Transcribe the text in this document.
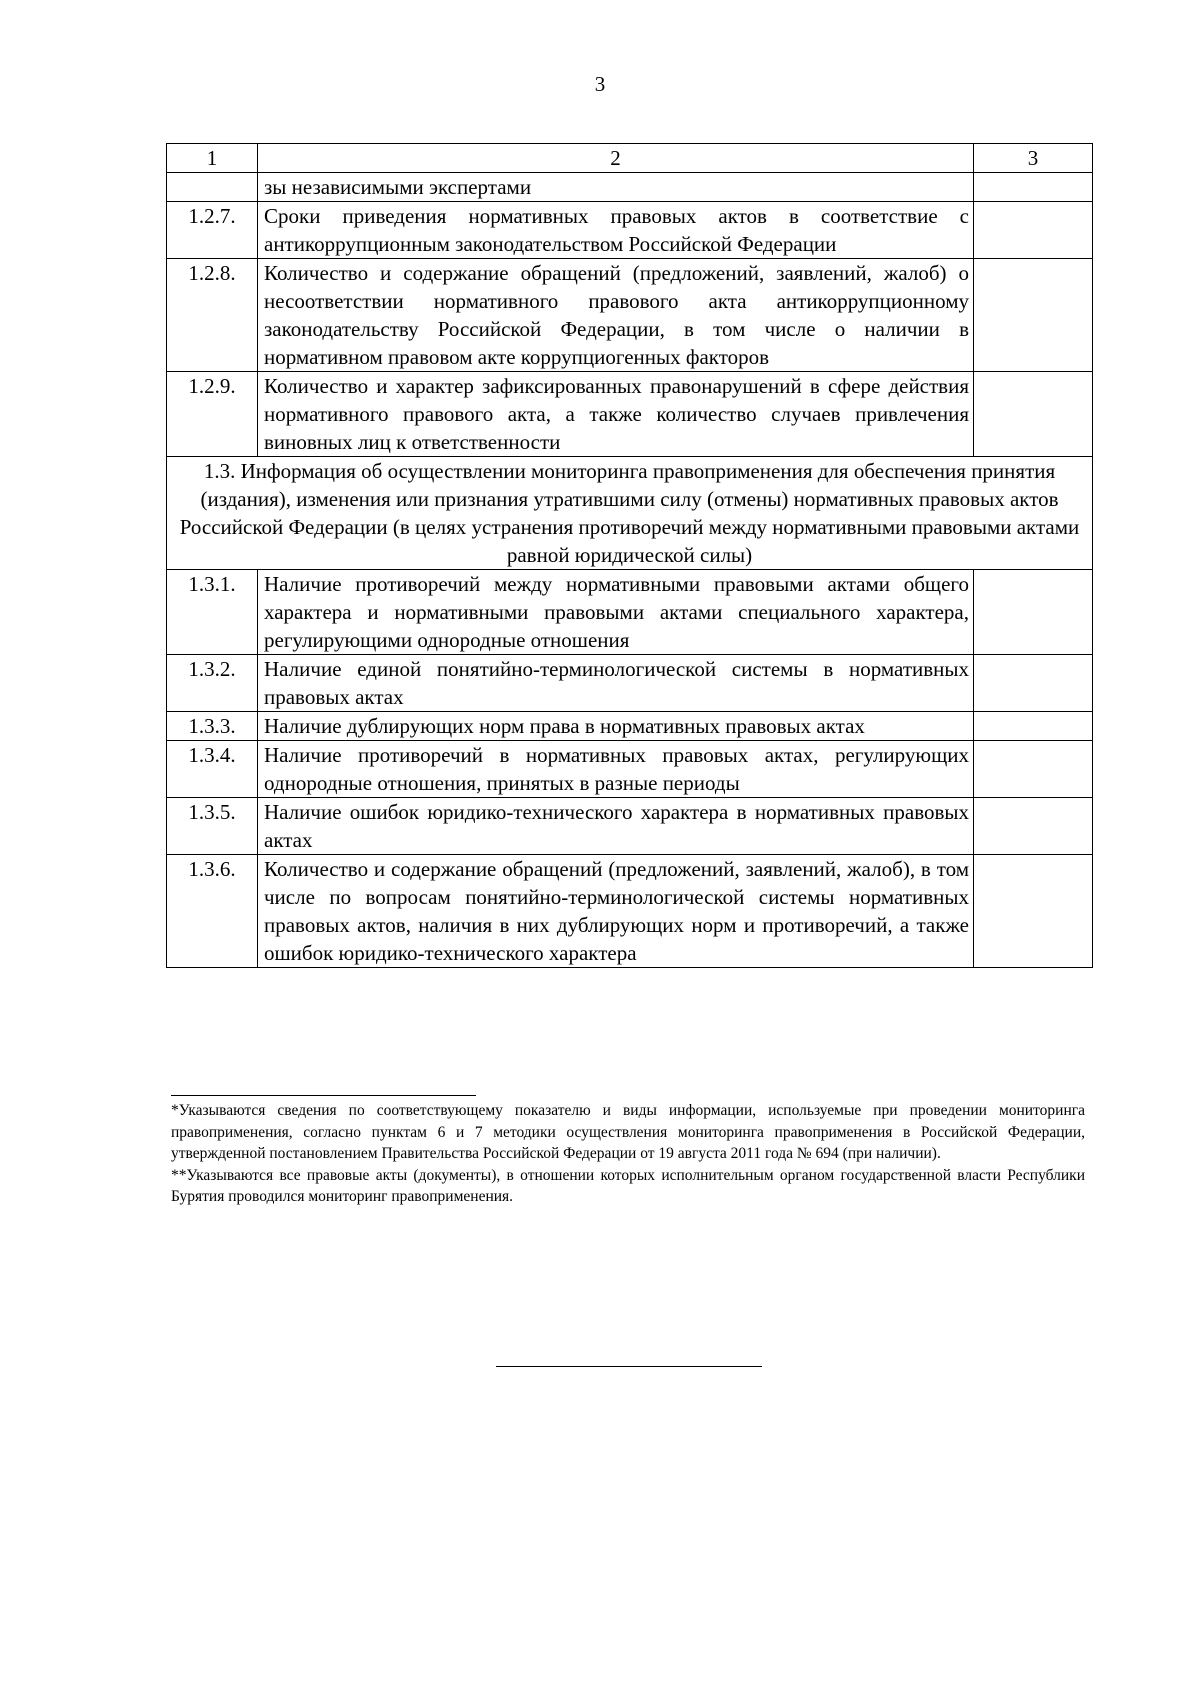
3
1	2	3
	зы независимыми экспертами	
1.2.7.	Сроки приведения нормативных правовых актов в соответствие с антикоррупционным законодательством Российской Федерации	
1.2.8.	Количество и содержание обращений (предложений, заявлений, жалоб) о несоответствии нормативного правового акта антикоррупционному законодательству Российской Федерации, в том числе о наличии в нормативном правовом акте коррупциогенных факторов	
1.2.9.	Количество и характер зафиксированных правонарушений в сфере действия нормативного правового акта, а также количество случаев привлечения виновных лиц к ответственности	
1.3. Информация об осуществлении мониторинга правоприменения для обеспечения принятия (издания), изменения или признания утратившими силу (отмены) нормативных правовых актов Российской Федерации (в целях устранения противоречий между нормативными правовыми актами равной юридической силы)		
1.3.1.	Наличие противоречий между нормативными правовыми актами общего характера и нормативными правовыми актами специального характера, регулирующими однородные отношения	
1.3.2.	Наличие единой понятийно-терминологической системы в нормативных правовых актах	
1.3.3.	Наличие дублирующих норм права в нормативных правовых актах	
1.3.4.	Наличие противоречий в нормативных правовых актах, регулирующих однородные отношения, принятых в разные периоды	
1.3.5.	Наличие ошибок юридико-технического характера в нормативных правовых актах	
1.3.6.	Количество и содержание обращений (предложений, заявлений, жалоб), в том числе по вопросам понятийно-терминологической системы нормативных правовых актов, наличия в них дублирующих норм и противоречий, а также ошибок юридико-технического характера	

*Указываются сведения по соответствующему показателю и виды информации, используемые при проведении мониторинга правоприменения, согласно пунктам 6 и 7 методики осуществления мониторинга правоприменения в Российской Федерации, утвержденной постановлением Правительства Российской Федерации от 19 августа 2011 года № 694 (при наличии).

**Указываются все правовые акты (документы), в отношении которых исполнительным органом государственной власти Республики Бурятия проводился мониторинг правоприменения.
